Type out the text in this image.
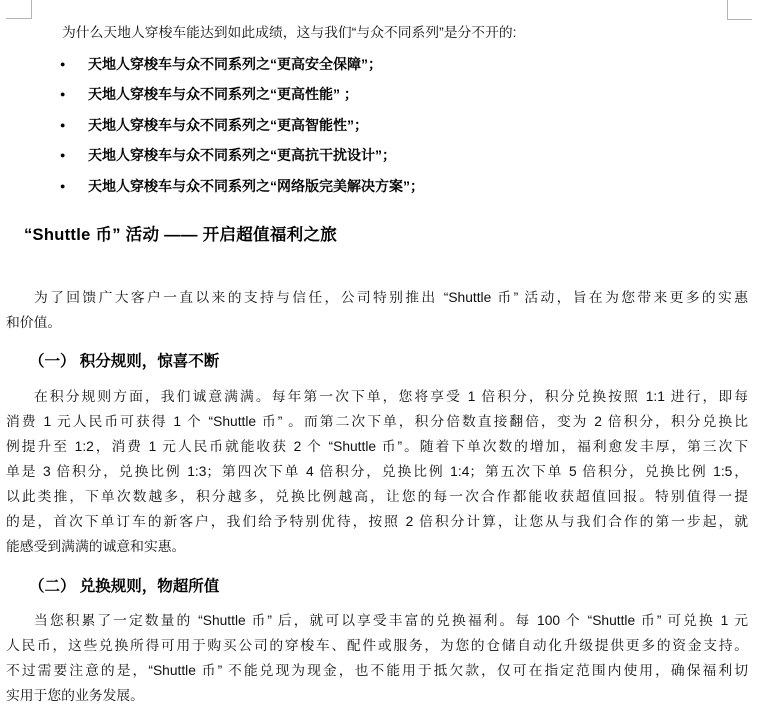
为什么天地人穿梭车能达到如此成绩，这与我们“与众不同系列”是分不开的:
●	天地人穿梭车与众不同系列之“更高安全保障”；
●	天地人穿梭车与众不同系列之“更高性能” ；
●	天地人穿梭车与众不同系列之“更高智能性”；
●	天地人穿梭车与众不同系列之“更高抗干扰设计”；
●	天地人穿梭车与众不同系列之“网络版完美解决方案”；
“Shuttle 币” 活动 —— 开启超值福利之旅
为了回馈广大客户一直以来的支持与信任，公司特别推出 “Shuttle 币” 活动，旨在为您带来更多的实惠
和价值。
（一） 积分规则，惊喜不断
在积分规则方面，我们诚意满满。每年第一次下单，您将享受 1 倍积分，积分兑换按照 1:1 进行，即每
消费 1 元人民币可获得 1 个 “Shuttle 币” 。而第二次下单，积分倍数直接翻倍，变为 2 倍积分，积分兑换比
例提升至 1:2，消费 1 元人民币就能收获 2 个 “Shuttle 币”。随着下单次数的增加，福利愈发丰厚，第三次下
单是 3 倍积分，兑换比例 1:3；第四次下单 4 倍积分，兑换比例 1:4；第五次下单 5 倍积分，兑换比例 1:5，
以此类推，下单次数越多，积分越多，兑换比例越高，让您的每一次合作都能收获超值回报。特别值得一提
的是，首次下单订车的新客户，我们给予特别优待，按照 2 倍积分计算，让您从与我们合作的第一步起，就
能感受到满满的诚意和实惠。
（二） 兑换规则，物超所值
当您积累了一定数量的 “Shuttle 币” 后，就可以享受丰富的兑换福利。每 100 个 “Shuttle 币” 可兑换 1 元
人民币，这些兑换所得可用于购买公司的穿梭车、配件或服务，为您的仓储自动化升级提供更多的资金支持。
不过需要注意的是，“Shuttle 币” 不能兑现为现金，也不能用于抵欠款，仅可在指定范围内使用，确保福利切
实用于您的业务发展。
